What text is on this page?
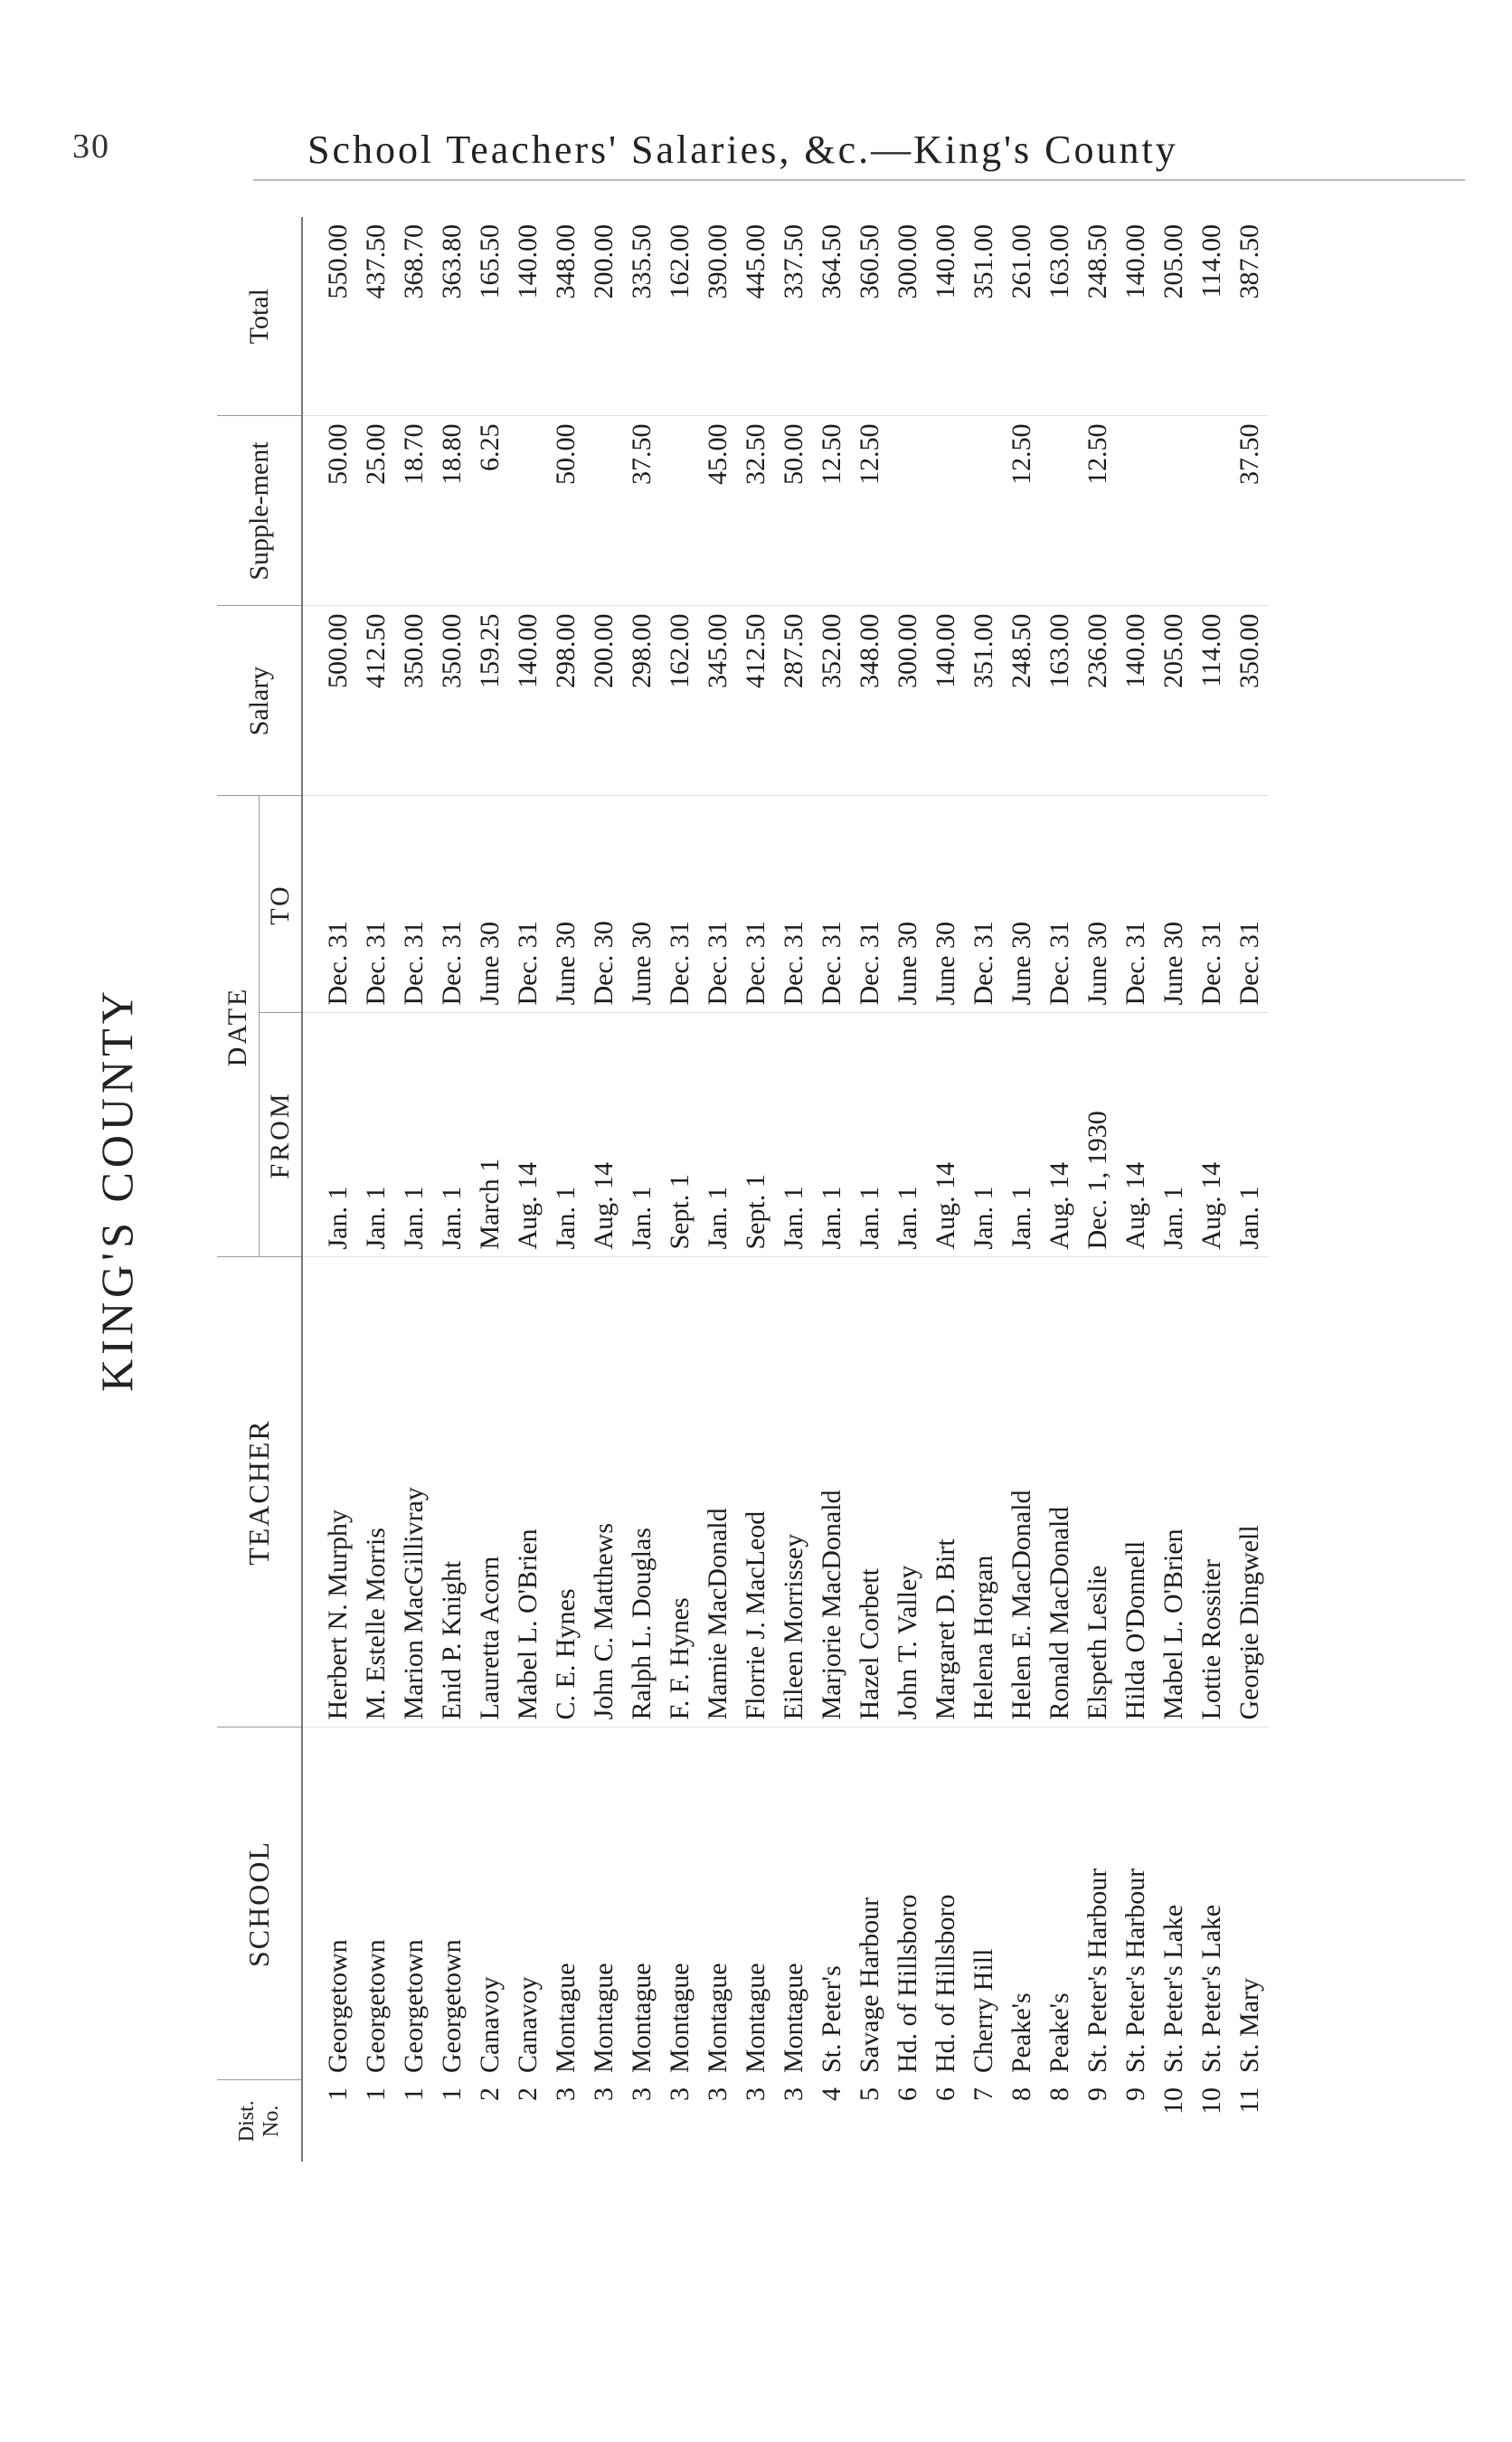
30	School Teachers' Salaries, &c.—King's County
KING'S COUNTY
Dist. No.	SCHOOL	TEACHER	DATE		Salary	Supple-ment	Total
			FROM	TO			
1	Georgetown	Herbert N. Murphy	Jan. 1	Dec. 31	500.00	50.00	550.00
1	Georgetown	M. Estelle Morris	Jan. 1	Dec. 31	412.50	25.00	437.50
1	Georgetown	Marion MacGillivray	Jan. 1	Dec. 31	350.00	18.70	368.70
1	Georgetown	Enid P. Knight	Jan. 1	Dec. 31	350.00	18.80	363.80
2	Canavoy	Lauretta Acorn	March 1	June 30	159.25	6.25	165.50
2	Canavoy	Mabel L. O'Brien	Aug. 14	Dec. 31	140.00		140.00
3	Montague	C. E. Hynes	Jan. 1	June 30	298.00	50.00	348.00
3	Montague	John C. Matthews	Aug. 14	Dec. 30	200.00		200.00
3	Montague	Ralph L. Douglas	Jan. 1	June 30	298.00	37.50	335.50
3	Montague	F. F. Hynes	Sept. 1	Dec. 31	162.00		162.00
3	Montague	Mamie MacDonald	Jan. 1	Dec. 31	345.00	45.00	390.00
3	Montague	Florrie J. MacLeod	Sept. 1	Dec. 31	412.50	32.50	445.00
3	Montague	Eileen Morrissey	Jan. 1	Dec. 31	287.50	50.00	337.50
4	St. Peter's	Marjorie MacDonald	Jan. 1	Dec. 31	352.00	12.50	364.50
5	Savage Harbour	Hazel Corbett	Jan. 1	Dec. 31	348.00	12.50	360.50
6	Hd. of Hillsboro	John T. Valley	Jan. 1	June 30	300.00		300.00
6	Hd. of Hillsboro	Margaret D. Birt	Aug. 14	June 30	140.00		140.00
7	Cherry Hill	Helena Horgan	Jan. 1	Dec. 31	351.00		351.00
8	Peake's	Helen E. MacDonald	Jan. 1	June 30	248.50	12.50	261.00
8	Peake's	Ronald MacDonald	Aug. 14	Dec. 31	163.00		163.00
9	St. Peter's Harbour	Elspeth Leslie	Dec. 1, 1930	June 30	236.00	12.50	248.50
9	St. Peter's Harbour	Hilda O'Donnell	Aug. 14	Dec. 31	140.00		140.00
10	St. Peter's Lake	Mabel L. O'Brien	Jan. 1	June 30	205.00		205.00
10	St. Peter's Lake	Lottie Rossiter	Aug. 14	Dec. 31	114.00		114.00
11	St. Mary	Georgie Dingwell	Jan. 1	Dec. 31	350.00	37.50	387.50
